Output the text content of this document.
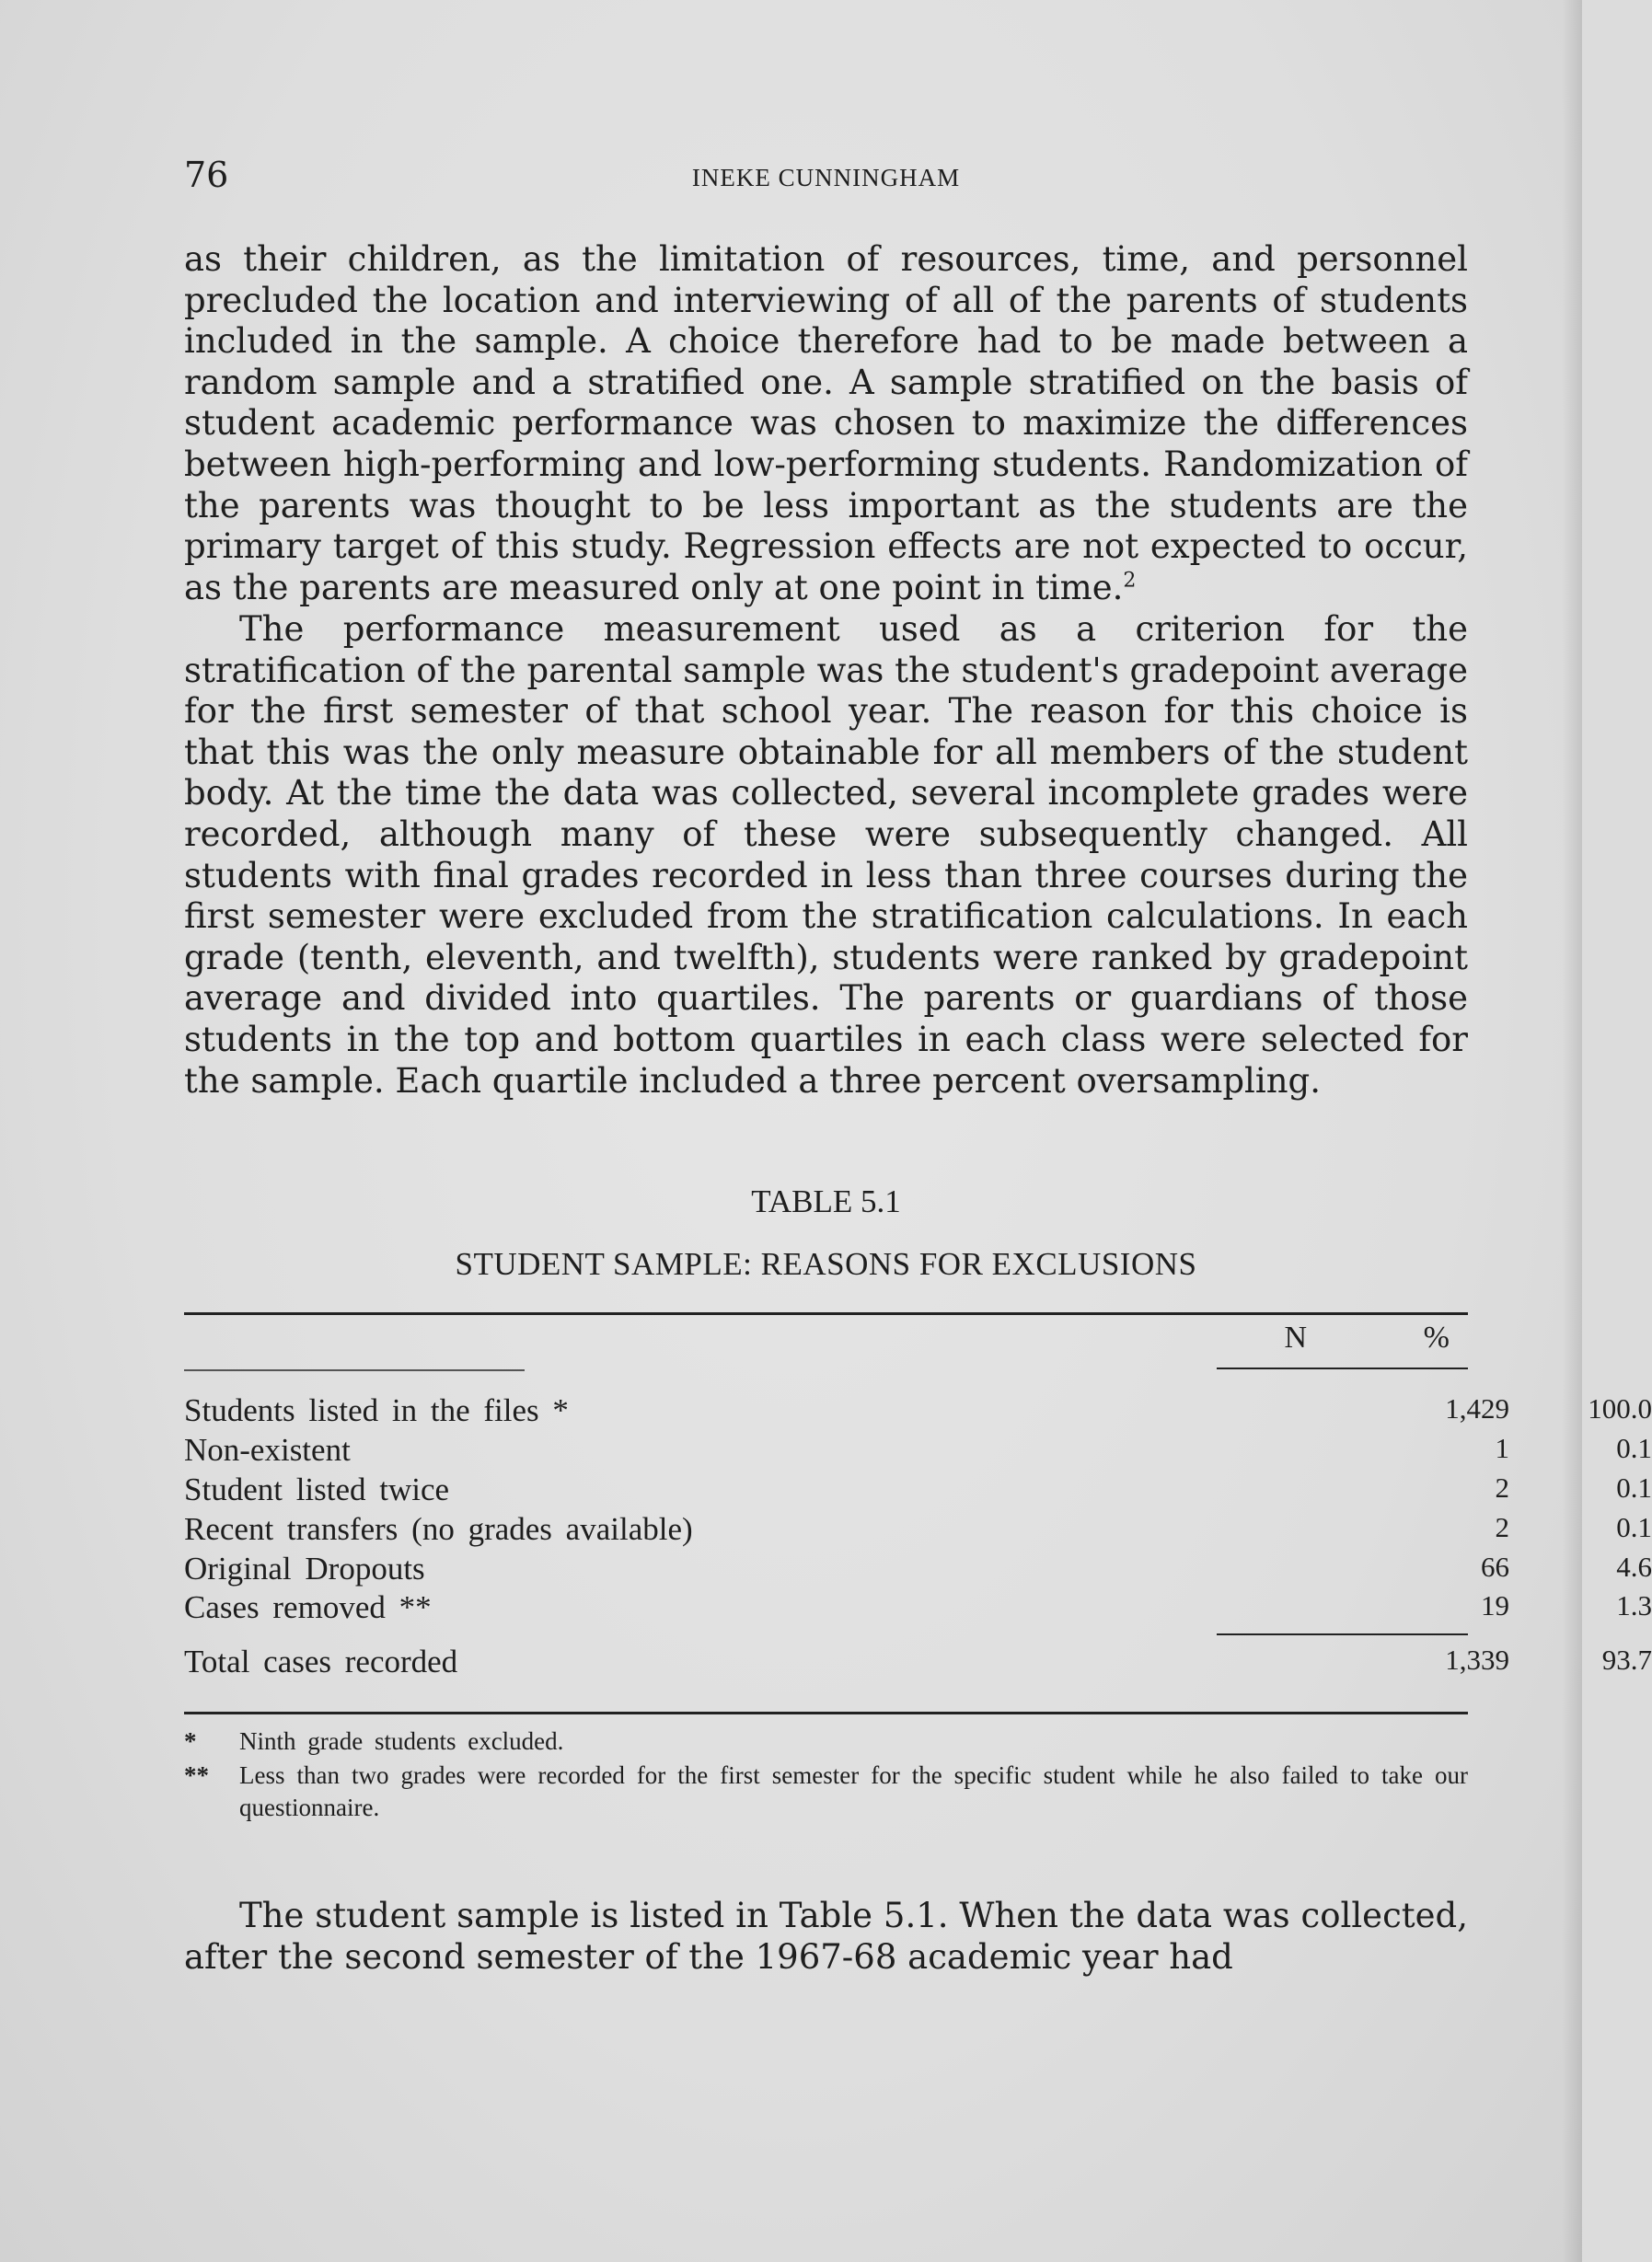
76	INEKE CUNNINGHAM

as their children, as the limitation of resources, time, and personnel precluded the location and interviewing of all of the parents of students included in the sample. A choice therefore had to be made between a random sample and a stratified one. A sample stratified on the basis of student academic performance was chosen to maximize the differences between high-performing and low-performing students. Randomization of the parents was thought to be less important as the students are the primary target of this study. Regression effects are not expected to occur, as the parents are measured only at one point in time.$^2$

The performance measurement used as a criterion for the stratification of the parental sample was the student's gradepoint average for the first semester of that school year. The reason for this choice is that this was the only measure obtainable for all members of the student body. At the time the data was collected, several incomplete grades were recorded, although many of these were subsequently changed. All students with final grades recorded in less than three courses during the first semester were excluded from the stratification calculations. In each grade (tenth, eleventh, and twelfth), students were ranked by gradepoint average and divided into quartiles. The parents or guardians of those students in the top and bottom quartiles in each class were selected for the sample. Each quartile included a three percent oversampling.

TABLE 5.1

STUDENT SAMPLE: REASONS FOR EXCLUSIONS

N	%
Students listed in the files *	1,429	100.0
Non-existent	1	0.1
Student listed twice	2	0.1
Recent transfers (no grades available)	2	0.1
Original Dropouts	66	4.6
Cases removed **	19	1.3
Total cases recorded	1,339	93.7
*	Ninth grade students excluded.
**	Less than two grades were recorded for the first semester for the specific student while he also failed to take our questionnaire.

The student sample is listed in Table 5.1. When the data was collected, after the second semester of the 1967-68 academic year had
